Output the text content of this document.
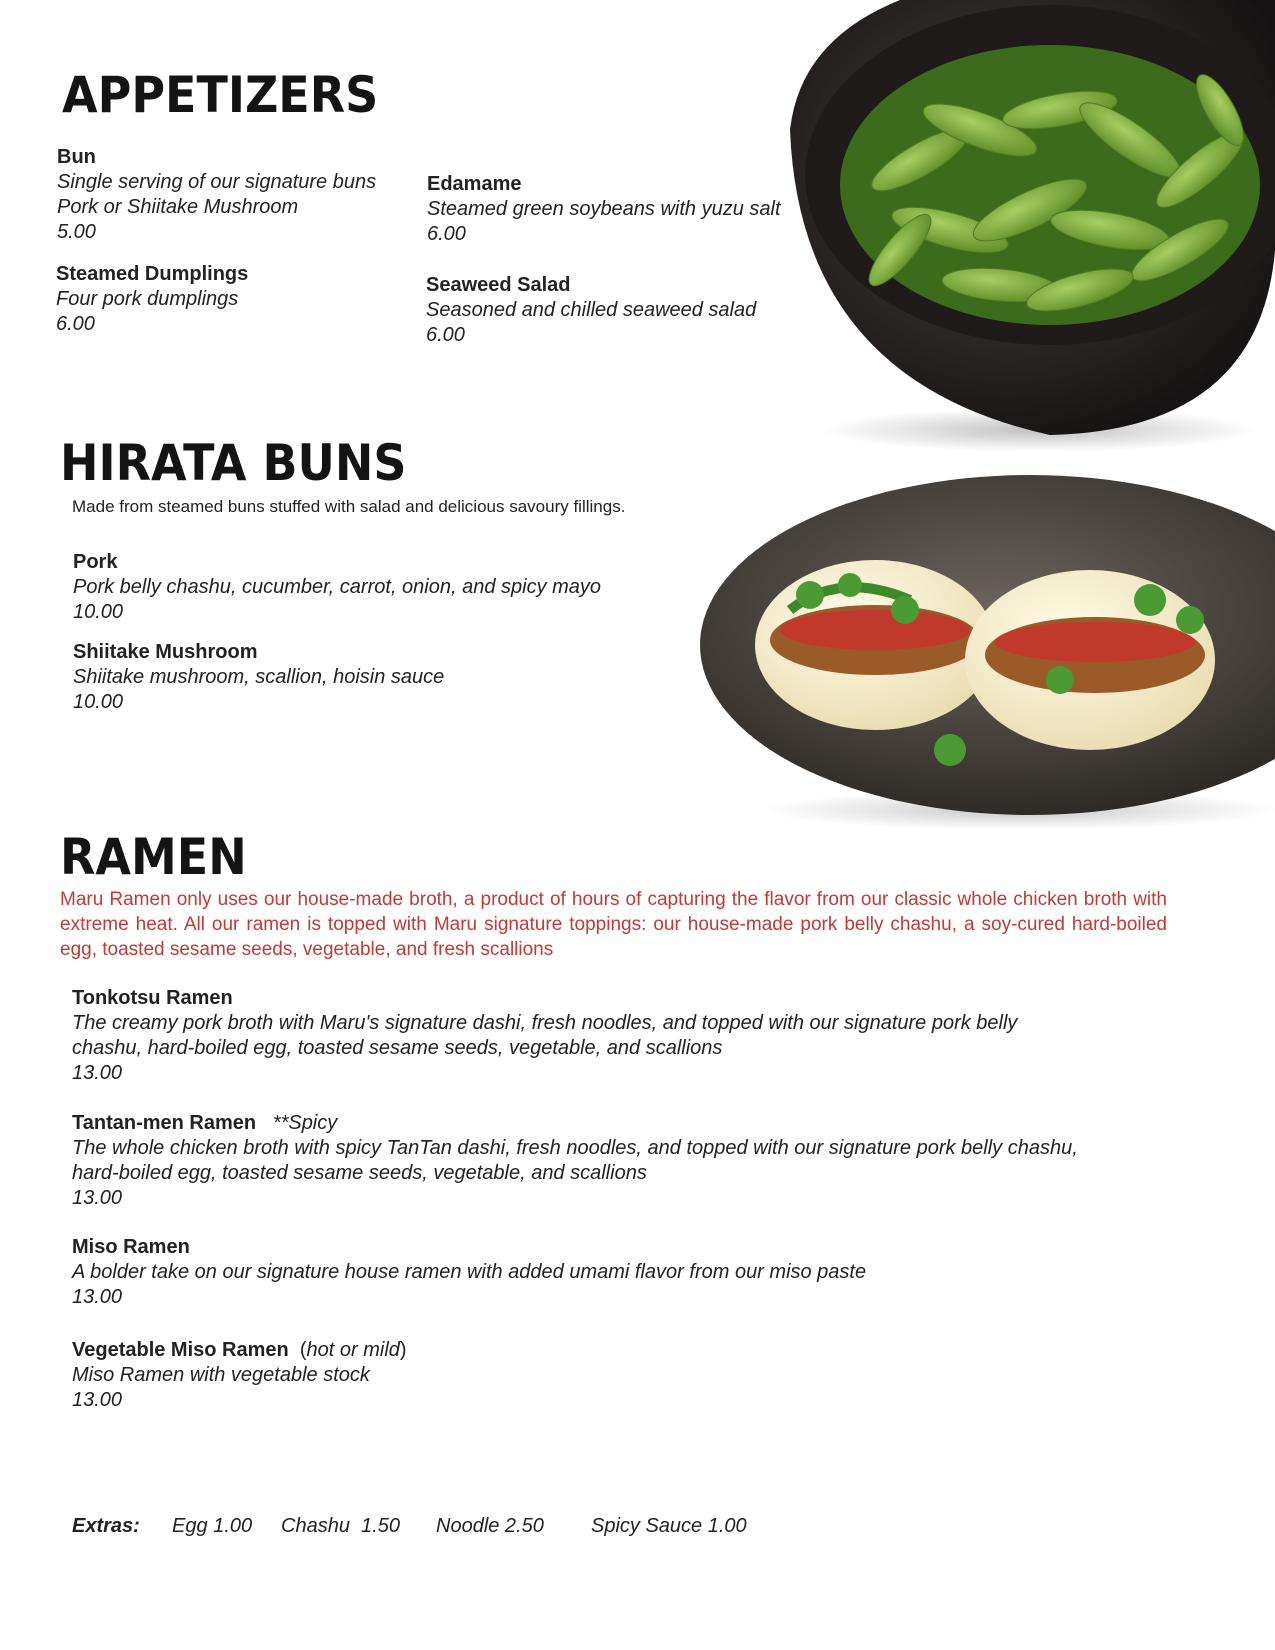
APPETIZERS
Bun
Single serving of our signature buns
Pork or Shiitake Mushroom
5.00
Steamed Dumplings
Four pork dumplings
6.00
Edamame
Steamed green soybeans with yuzu salt
6.00
Seaweed Salad
Seasoned and chilled seaweed salad
6.00
HIRATA BUNS
Made from steamed buns stuffed with salad and delicious savoury fillings.
Pork
Pork belly chashu, cucumber, carrot, onion, and spicy mayo
10.00
Shiitake Mushroom
Shiitake mushroom, scallion, hoisin sauce
10.00
RAMEN
Maru Ramen only uses our house-made broth, a product of hours of capturing the flavor from our classic whole chicken broth with extreme heat. All our ramen is topped with Maru signature toppings: our house-made pork belly chashu, a soy-cured hard-boiled egg, toasted sesame seeds, vegetable, and fresh scallions
Tonkotsu Ramen
The creamy pork broth with Maru's signature dashi, fresh noodles, and topped with our signature pork belly
chashu, hard-boiled egg, toasted sesame seeds, vegetable, and scallions
13.00
Tantan-men Ramen **Spicy
The whole chicken broth with spicy TanTan dashi, fresh noodles, and topped with our signature pork belly chashu,
hard-boiled egg, toasted sesame seeds, vegetable, and scallions
13.00
Miso Ramen
A bolder take on our signature house ramen with added umami flavor from our miso paste
13.00
Vegetable Miso Ramen (hot or mild)
Miso Ramen with vegetable stock
13.00
Extras: Egg 1.00 Chashu  1.50 Noodle 2.50 Spicy Sauce 1.00
